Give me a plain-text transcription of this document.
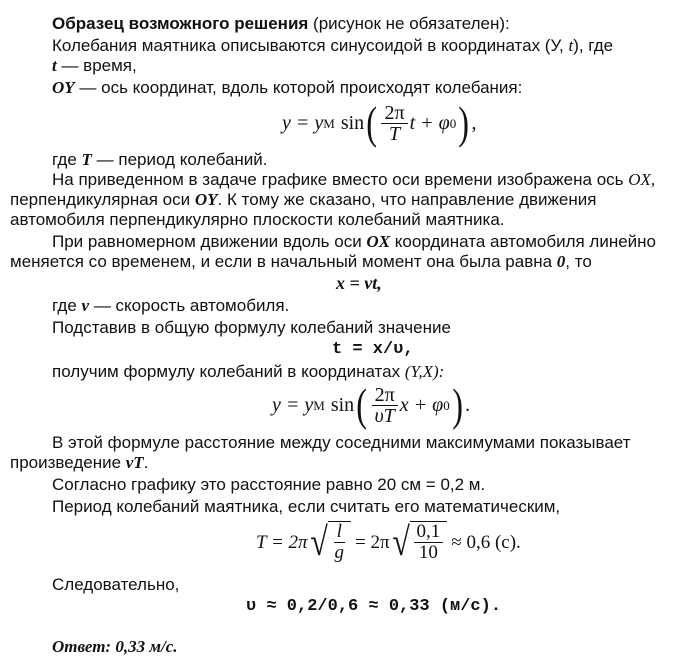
Образец возможного решения (рисунок не обязателен):
Колебания маятника описываются синусоидой в координатах (У, t), где
t — время,
OY — ось координат, вдоль которой происходят колебания:
y = y M sin ( $\frac{2\pi}{T}$ t + φ 0 ) ,
где T — период колебаний.
На приведенном в задаче графике вместо оси времени изображена ось OX,
перпендикулярная оси OY. К тому же сказано, что направление движения
автомобиля перпендикулярно плоскости колебаний маятника.
При равномерном движении вдоль оси OX координата автомобиля линейно
меняется со временем, и если в начальный момент она была равна 0, то
x = vt,
где v — скорость автомобиля.
Подставив в общую формулу колебаний значение
t = x/υ,
получим формулу колебаний в координатах (Y,X):
y = y M sin ( $\frac{2\pi}{\upsilon T}$ x + φ 0 ) .
В этой формуле расстояние между соседними максимумами показывает
произведение vT.
Согласно графику это расстояние равно 20 см = 0,2 м.
Период колебаний маятника, если считать его математическим,
T = 2π √ $\frac{l}{g} = 2\pi$ √ $\frac{0,1}{10} \approx 0,6$ (с).
Следовательно,
υ ≈ 0,2/0,6 ≈ 0,33 (м/с).
Ответ: 0,33 м/с.
